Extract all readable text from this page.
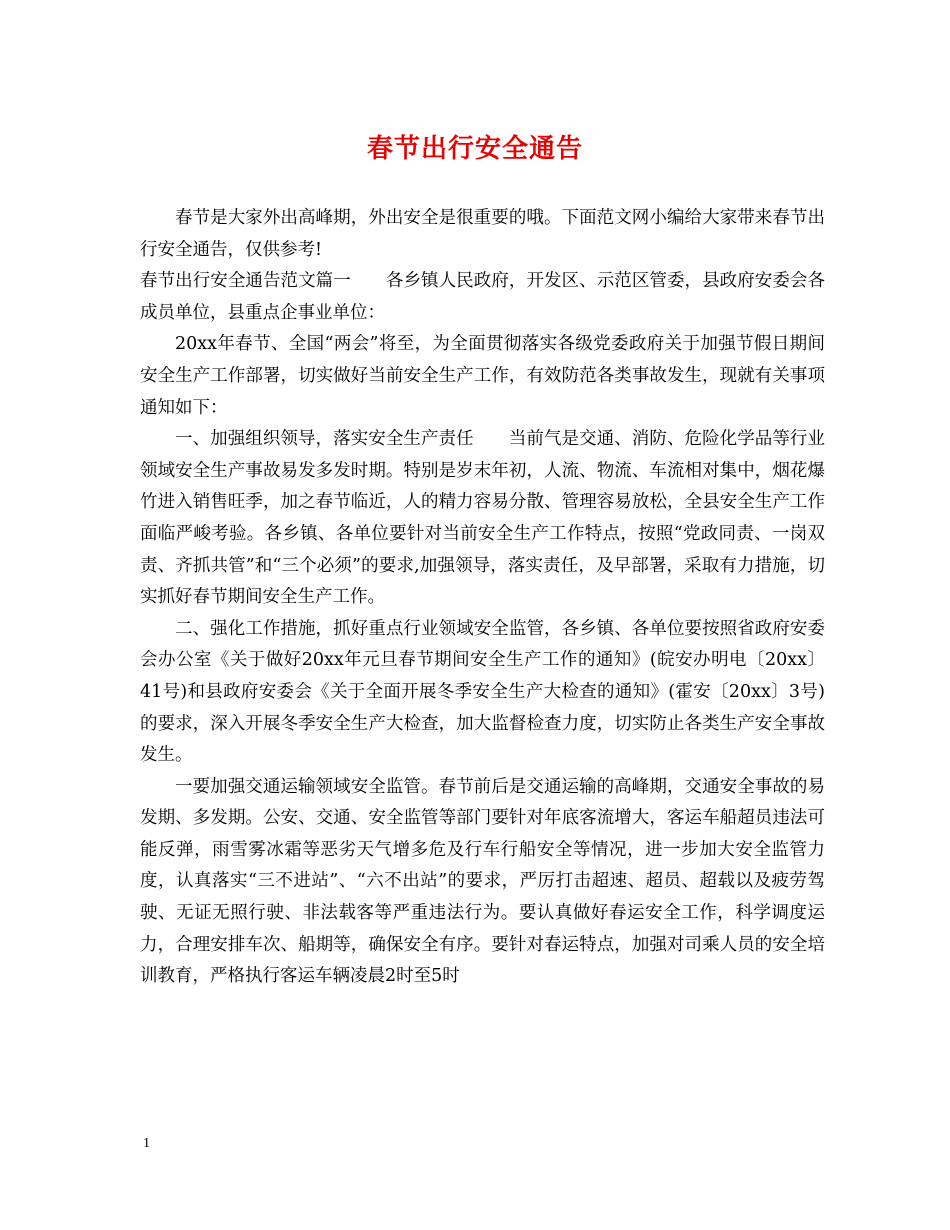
春节出行安全通告

春节是大家外出高峰期，外出安全是很重要的哦。下面范文网小编给大家带来春节出行安全通告，仅供参考!

春节出行安全通告范文篇一　　各乡镇人民政府，开发区、示范区管委，县政府安委会各成员单位，县重点企事业单位：

20xx年春节、全国“两会”将至，为全面贯彻落实各级党委政府关于加强节假日期间安全生产工作部署，切实做好当前安全生产工作，有效防范各类事故发生，现就有关事项通知如下：

一、加强组织领导，落实安全生产责任　　当前气是交通、消防、危险化学品等行业领域安全生产事故易发多发时期。特别是岁末年初，人流、物流、车流相对集中，烟花爆竹进入销售旺季，加之春节临近，人的精力容易分散、管理容易放松，全县安全生产工作面临严峻考验。各乡镇、各单位要针对当前安全生产工作特点，按照“党政同责、一岗双责、齐抓共管”和“三个必须”的要求,加强领导，落实责任，及早部署，采取有力措施，切实抓好春节期间安全生产工作。

二、强化工作措施，抓好重点行业领域安全监管，各乡镇、各单位要按照省政府安委会办公室《关于做好20xx年元旦春节期间安全生产工作的通知》(皖安办明电〔20xx〕41号)和县政府安委会《关于全面开展冬季安全生产大检查的通知》(霍安〔20xx〕3号)的要求，深入开展冬季安全生产大检查，加大监督检查力度，切实防止各类生产安全事故发生。

一要加强交通运输领域安全监管。春节前后是交通运输的高峰期，交通安全事故的易发期、多发期。公安、交通、安全监管等部门要针对年底客流增大，客运车船超员违法可能反弹，雨雪雾冰霜等恶劣天气增多危及行车行船安全等情况，进一步加大安全监管力度，认真落实“三不进站”、“六不出站”的要求，严厉打击超速、超员、超载以及疲劳驾驶、无证无照行驶、非法载客等严重违法行为。要认真做好春运安全工作，科学调度运力，合理安排车次、船期等，确保安全有序。要针对春运特点，加强对司乘人员的安全培训教育，严格执行客运车辆凌晨2时至5时

1
